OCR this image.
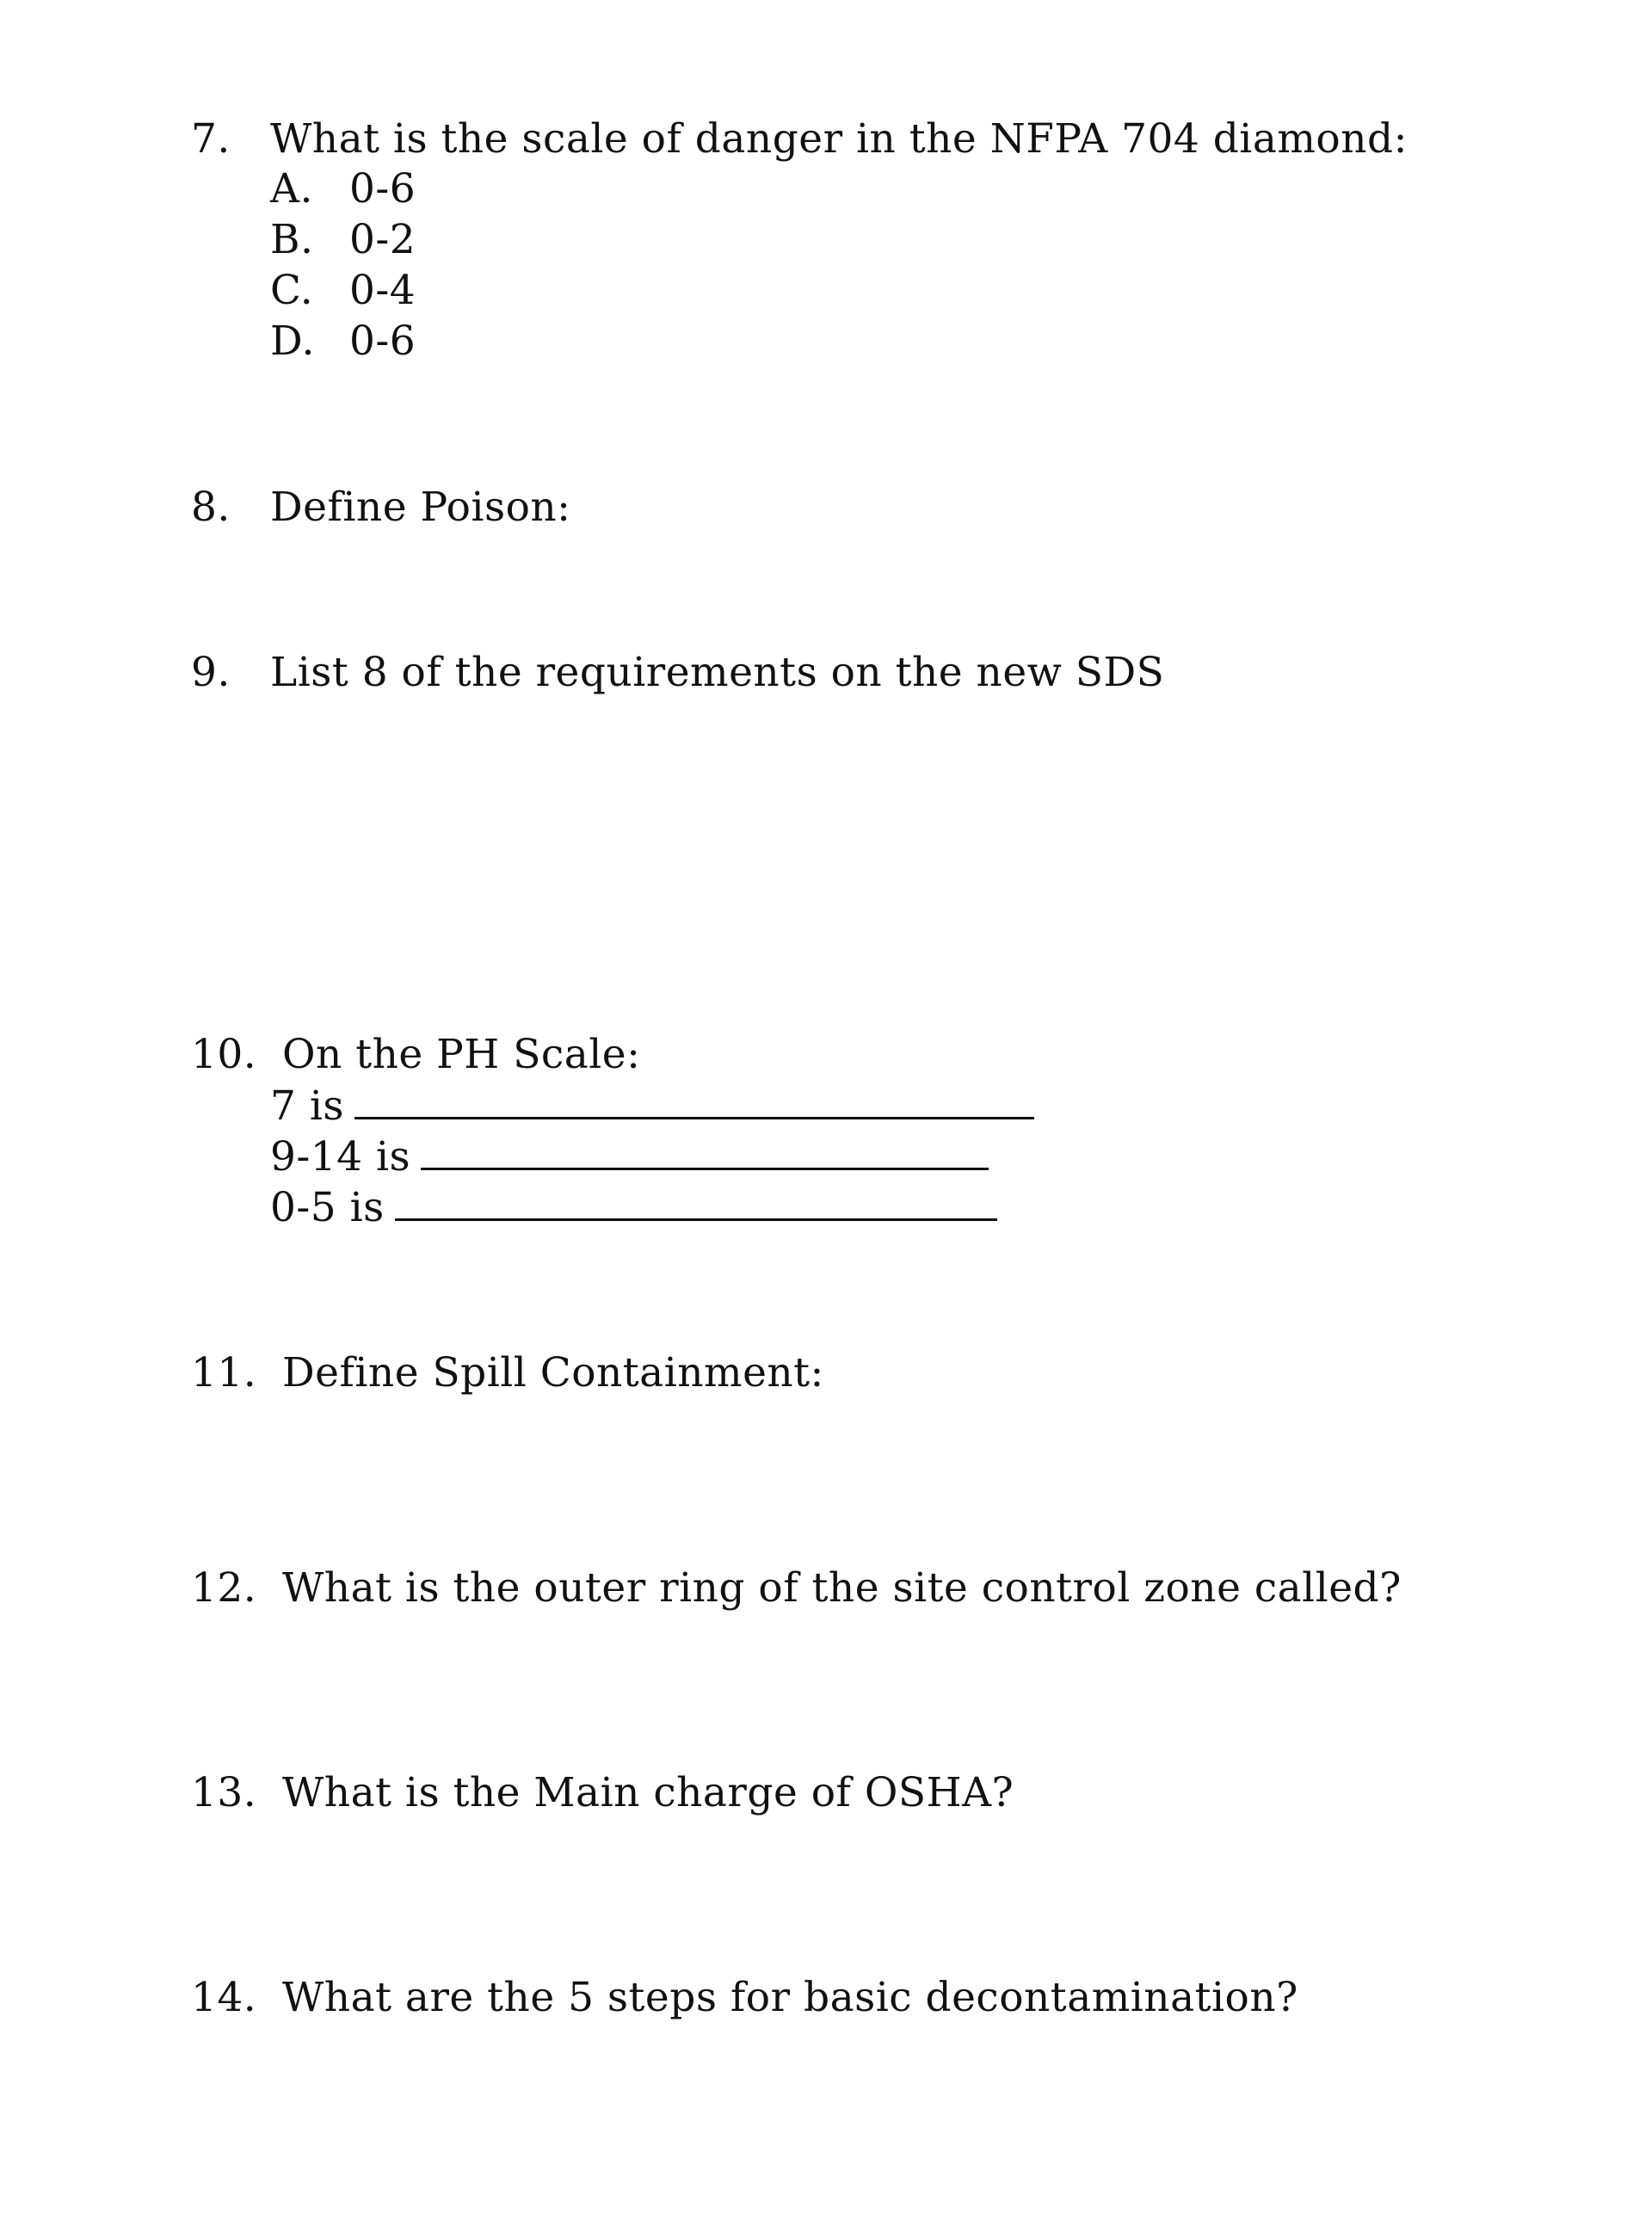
7. What is the scale of danger in the NFPA 704 diamond:
A. 0-6
B. 0-2
C. 0-4
D. 0-6
8. Define Poison:
9. List 8 of the requirements on the new SDS
10. On the PH Scale:
7 is
9-14 is
0-5 is
11. Define Spill Containment:
12. What is the outer ring of the site control zone called?
13. What is the Main charge of OSHA?
14. What are the 5 steps for basic decontamination?
